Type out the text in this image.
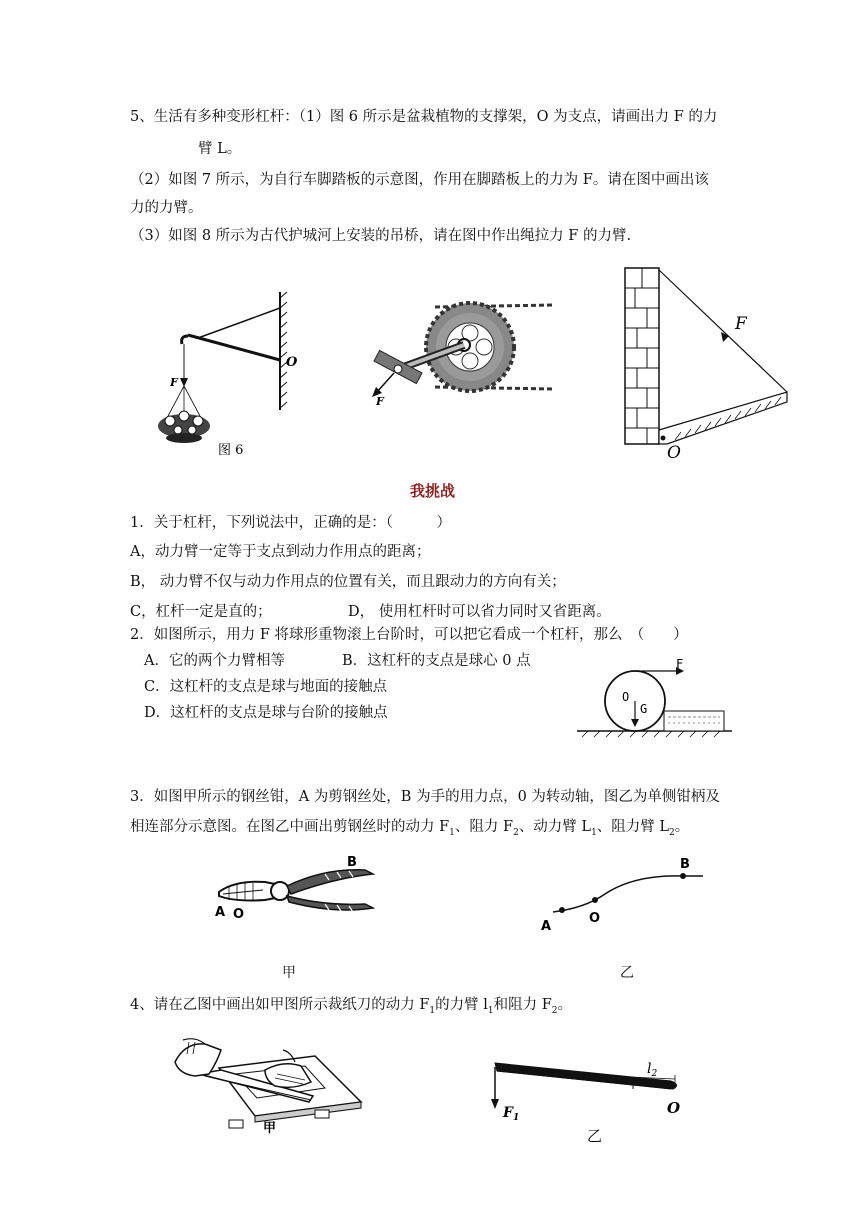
5、生活有多种变形杠杆：（1）图 6 所示是盆栽植物的支撑架，O 为支点，请画出力 F 的力
臂 L。
（2）如图 7 所示，为自行车脚踏板的示意图，作用在脚踏板上的力为 F。请在图中画出该
力的力臂。
（3）如图 8 所示为古代护城河上安装的吊桥，请在图中作出绳拉力 F 的力臂.
F
O
图 6
F
F
O
我挑战
1．关于杠杆，下列说法中，正确的是：（　　　）
A，动力臂一定等于支点到动力作用点的距离；
B， 动力臂不仅与动力作用点的位置有关，而且跟动力的方向有关；
C，杠杆一定是直的；	D， 使用杠杆时可以省力同时又省距离。
2．如图所示，用力 F 将球形重物滚上台阶时，可以把它看成一个杠杆，那么　（　　）
A．它的两个力臂相等	B．这杠杆的支点是球心 0 点
C．这杠杆的支点是球与地面的接触点
D．这杠杆的支点是球与台阶的接触点
F
O
G
3．如图甲所示的钢丝钳，A 为剪钢丝处，B 为手的用力点，0 为转动轴，图乙为单侧钳柄及
相连部分示意图。在图乙中画出剪钢丝时的动力 $F_1$、阻力 $F_2$、动力臂 $L_1$、阻力臂 $L_2$。
B
A O
B
A
O
甲	乙
4、请在乙图中画出如甲图所示裁纸刀的动力 $F_1$的力臂 $l_1$和阻力 $F_2$。
甲
$l_2$
$F_1$
O
乙
